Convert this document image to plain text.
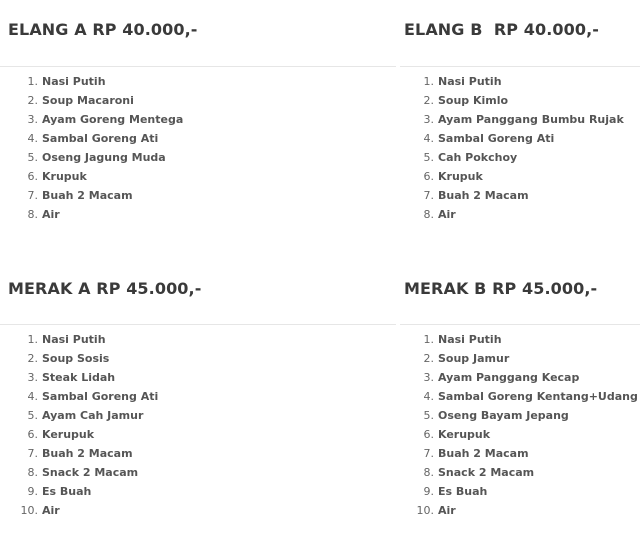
ELANG A RP 40.000,-
1. Nasi Putih
2. Soup Macaroni
3. Ayam Goreng Mentega
4. Sambal Goreng Ati
5. Oseng Jagung Muda
6. Krupuk
7. Buah 2 Macam
8. Air
ELANG B  RP 40.000,-
1. Nasi Putih
2. Soup Kimlo
3. Ayam Panggang Bumbu Rujak
4. Sambal Goreng Ati
5. Cah Pokchoy
6. Krupuk
7. Buah 2 Macam
8. Air
MERAK A RP 45.000,-
1. Nasi Putih
2. Soup Sosis
3. Steak Lidah
4. Sambal Goreng Ati
5. Ayam Cah Jamur
6. Kerupuk
7. Buah 2 Macam
8. Snack 2 Macam
9. Es Buah
10. Air
MERAK B RP 45.000,-
1. Nasi Putih
2. Soup Jamur
3. Ayam Panggang Kecap
4. Sambal Goreng Kentang+Udang
5. Oseng Bayam Jepang
6. Kerupuk
7. Buah 2 Macam
8. Snack 2 Macam
9. Es Buah
10. Air
